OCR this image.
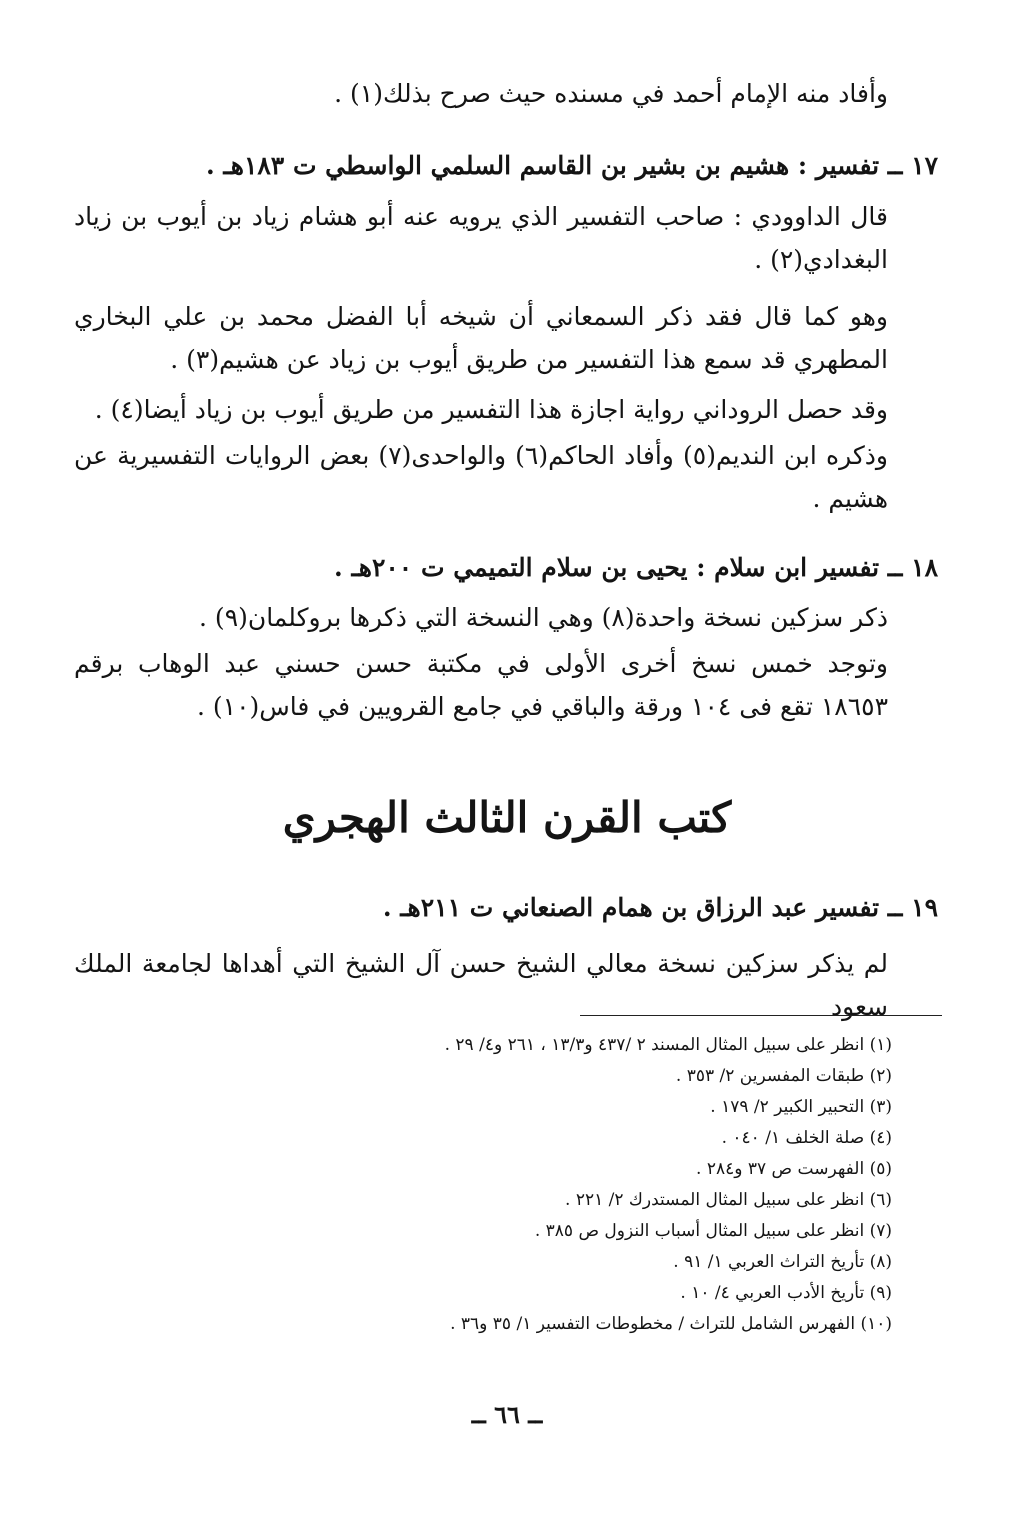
وأفاد منه الإمام أحمد في مسنده حيث صرح بذلك(١) .

١٧ ــ تفسير : هشيم بن بشير بن القاسم السلمي الواسطي ت ١٨٣هـ .

قال الداوودي : صاحب التفسير الذي يرويه عنه أبو هشام زياد بن أيوب بن زياد البغدادي(٢) .

وهو كما قال فقد ذكر السمعاني أن شيخه أبا الفضل محمد بن علي البخاري المطهري قد سمع هذا التفسير من طريق أيوب بن زياد عن هشيم(٣) .

وقد حصل الروداني رواية اجازة هذا التفسير من طريق أيوب بن زياد أيضا(٤) .

وذكره ابن النديم(٥) وأفاد الحاكم(٦) والواحدى(٧) بعض الروايات التفسيرية عن هشيم .

١٨ ــ تفسير ابن سلام : يحيى بن سلام التميمي ت ٢٠٠هـ .

ذكر سزكين نسخة واحدة(٨) وهي النسخة التي ذكرها بروكلمان(٩) .

وتوجد خمس نسخ أخرى الأولى في مكتبة حسن حسني عبد الوهاب برقم ١٨٦٥٣ تقع فى ١٠٤ ورقة والباقي في جامع القرويين في فاس(١٠) .

كتب القرن الثالث الهجري
١٩ ــ تفسير عبد الرزاق بن همام الصنعاني ت ٢١١هـ .

لم يذكر سزكين نسخة معالي الشيخ حسن آل الشيخ التي أهداها لجامعة الملك سعود

(١) انظر على سبيل المثال المسند ٢ /٤٣٧ و١٣/٣ ، ٢٦١ و٤/ ٢٩ .
(٢) طبقات المفسرين ٢/ ٣٥٣ .
(٣) التحبير الكبير ٢/ ١٧٩ .
(٤) صلة الخلف ١/ ٠٤٠ .
(٥) الفهرست ص ٣٧ و٢٨٤ .
(٦) انظر على سبيل المثال المستدرك ٢/ ٢٢١ .
(٧) انظر على سبيل المثال أسباب النزول ص ٣٨٥ .
(٨) تأريخ التراث العربي ١/ ٩١ .
(٩) تأريخ الأدب العربي ٤/ ١٠ .
(١٠) الفهرس الشامل للتراث / مخطوطات التفسير ١/ ٣٥ و٣٦ .
ــ ٦٦ ــ
